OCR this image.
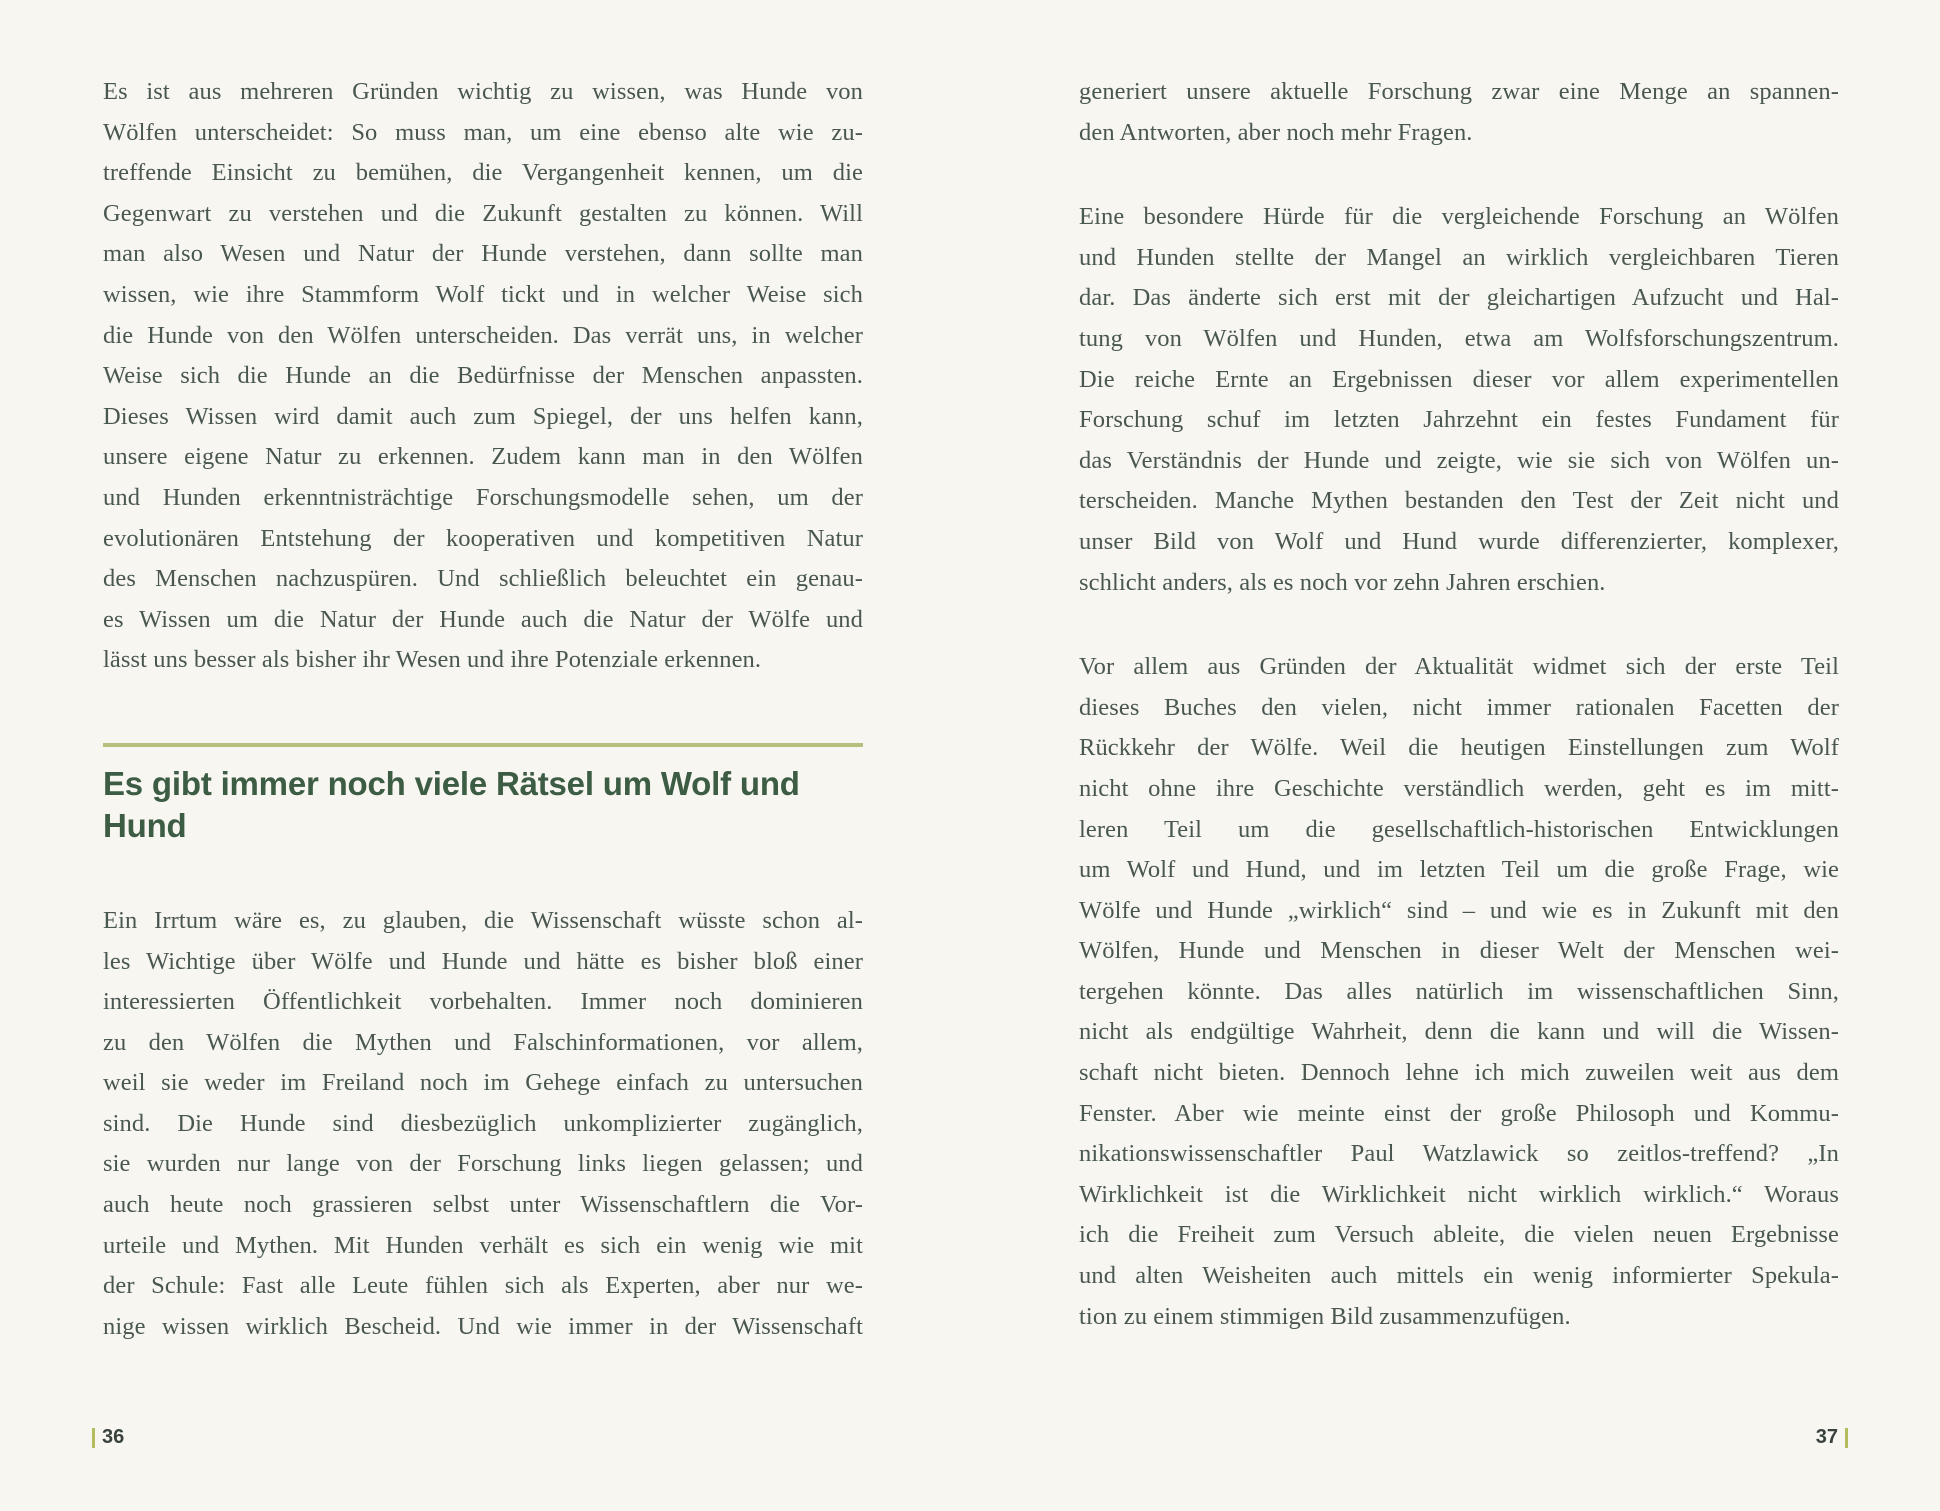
Es ist aus mehreren Gründen wichtig zu wissen, was Hunde von
Wölfen unterscheidet: So muss man, um eine ebenso alte wie zu-
treffende Einsicht zu bemühen, die Vergangenheit kennen, um die
Gegenwart zu verstehen und die Zukunft gestalten zu können. Will
man also Wesen und Natur der Hunde verstehen, dann sollte man
wissen, wie ihre Stammform Wolf tickt und in welcher Weise sich
die Hunde von den Wölfen unterscheiden. Das verrät uns, in welcher
Weise sich die Hunde an die Bedürfnisse der Menschen anpassten.
Dieses Wissen wird damit auch zum Spiegel, der uns helfen kann,
unsere eigene Natur zu erkennen. Zudem kann man in den Wölfen
und Hunden erkenntnisträchtige Forschungsmodelle sehen, um der
evolutionären Entstehung der kooperativen und kompetitiven Natur
des Menschen nachzuspüren. Und schließlich beleuchtet ein genau-
es Wissen um die Natur der Hunde auch die Natur der Wölfe und
lässt uns besser als bisher ihr Wesen und ihre Potenziale erkennen.
Es gibt immer noch viele Rätsel um Wolf und
Hund
Ein Irrtum wäre es, zu glauben, die Wissenschaft wüsste schon al-
les Wichtige über Wölfe und Hunde und hätte es bisher bloß einer
interessierten Öffentlichkeit vorbehalten. Immer noch dominieren
zu den Wölfen die Mythen und Falschinformationen, vor allem,
weil sie weder im Freiland noch im Gehege einfach zu untersuchen
sind. Die Hunde sind diesbezüglich unkomplizierter zugänglich,
sie wurden nur lange von der Forschung links liegen gelassen; und
auch heute noch grassieren selbst unter Wissenschaftlern die Vor-
urteile und Mythen. Mit Hunden verhält es sich ein wenig wie mit
der Schule: Fast alle Leute fühlen sich als Experten, aber nur we-
nige wissen wirklich Bescheid. Und wie immer in der Wissenschaft
generiert unsere aktuelle Forschung zwar eine Menge an spannen-
den Antworten, aber noch mehr Fragen.
Eine besondere Hürde für die vergleichende Forschung an Wölfen
und Hunden stellte der Mangel an wirklich vergleichbaren Tieren
dar. Das änderte sich erst mit der gleichartigen Aufzucht und Hal-
tung von Wölfen und Hunden, etwa am Wolfsforschungszentrum.
Die reiche Ernte an Ergebnissen dieser vor allem experimentellen
Forschung schuf im letzten Jahrzehnt ein festes Fundament für
das Verständnis der Hunde und zeigte, wie sie sich von Wölfen un-
terscheiden. Manche Mythen bestanden den Test der Zeit nicht und
unser Bild von Wolf und Hund wurde differenzierter, komplexer,
schlicht anders, als es noch vor zehn Jahren erschien.
Vor allem aus Gründen der Aktualität widmet sich der erste Teil
dieses Buches den vielen, nicht immer rationalen Facetten der
Rückkehr der Wölfe. Weil die heutigen Einstellungen zum Wolf
nicht ohne ihre Geschichte verständlich werden, geht es im mitt-
leren Teil um die gesellschaftlich-historischen Entwicklungen
um Wolf und Hund, und im letzten Teil um die große Frage, wie
Wölfe und Hunde „wirklich“ sind – und wie es in Zukunft mit den
Wölfen, Hunde und Menschen in dieser Welt der Menschen wei-
tergehen könnte. Das alles natürlich im wissenschaftlichen Sinn,
nicht als endgültige Wahrheit, denn die kann und will die Wissen-
schaft nicht bieten. Dennoch lehne ich mich zuweilen weit aus dem
Fenster. Aber wie meinte einst der große Philosoph und Kommu-
nikationswissenschaftler Paul Watzlawick so zeitlos-treffend? „In
Wirklichkeit ist die Wirklichkeit nicht wirklich wirklich.“ Woraus
ich die Freiheit zum Versuch ableite, die vielen neuen Ergebnisse
und alten Weisheiten auch mittels ein wenig informierter Spekula-
tion zu einem stimmigen Bild zusammenzufügen.
36	37
